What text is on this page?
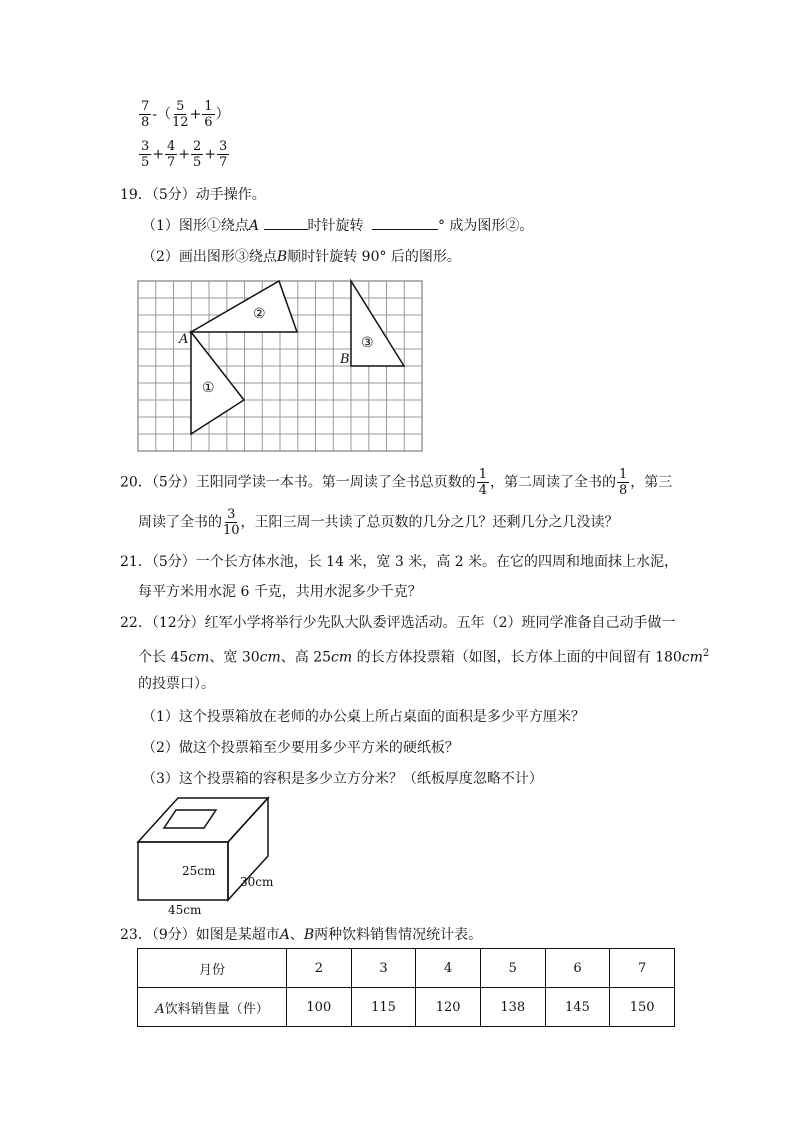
$\frac{7}{8}$ -（ $\frac{5}{12} + \frac{1}{6}$ ）
$\frac{3}{5} + \frac{4}{7} + \frac{2}{5} + \frac{3}{7}$
19．（5分）动手操作。
（1）图形①绕点A	时针旋转	° 成为图形②。
（2）画出图形③绕点B顺时针旋转 90° 后的图形。
②
①
③
A
B
20．（5分）王阳同学读一本书。第一周读了全书总页数的 $\frac{1}{4}$ ，第二周读了全书的 $\frac{1}{8}$ ，第三
周读了全书的 $\frac{3}{10}$ ，王阳三周一共读了总页数的几分之几？还剩几分之几没读？
21．（5分）一个长方体水池，长 14 米，宽 3 米，高 2 米。在它的四周和地面抹上水泥，
每平方米用水泥 6 千克，共用水泥多少千克？
22．（12分）红军小学将举行少先队大队委评选活动。五年（2）班同学准备自己动手做一
个长 45cm、宽 30cm、高 25cm 的长方体投票箱（如图，长方体上面的中间留有 $180cm^2$
的投票口）。
（1）这个投票箱放在老师的办公桌上所占桌面的面积是多少平方厘米？
（2）做这个投票箱至少要用多少平方米的硬纸板？
（3）这个投票箱的容积是多少立方分米？（纸板厚度忽略不计）
25cm
30cm
45cm
23．（9分）如图是某超市A、B两种饮料销售情况统计表。
月份	2	3	4	5	6	7
A饮料销售量（件）	100	115	120	138	145	150
